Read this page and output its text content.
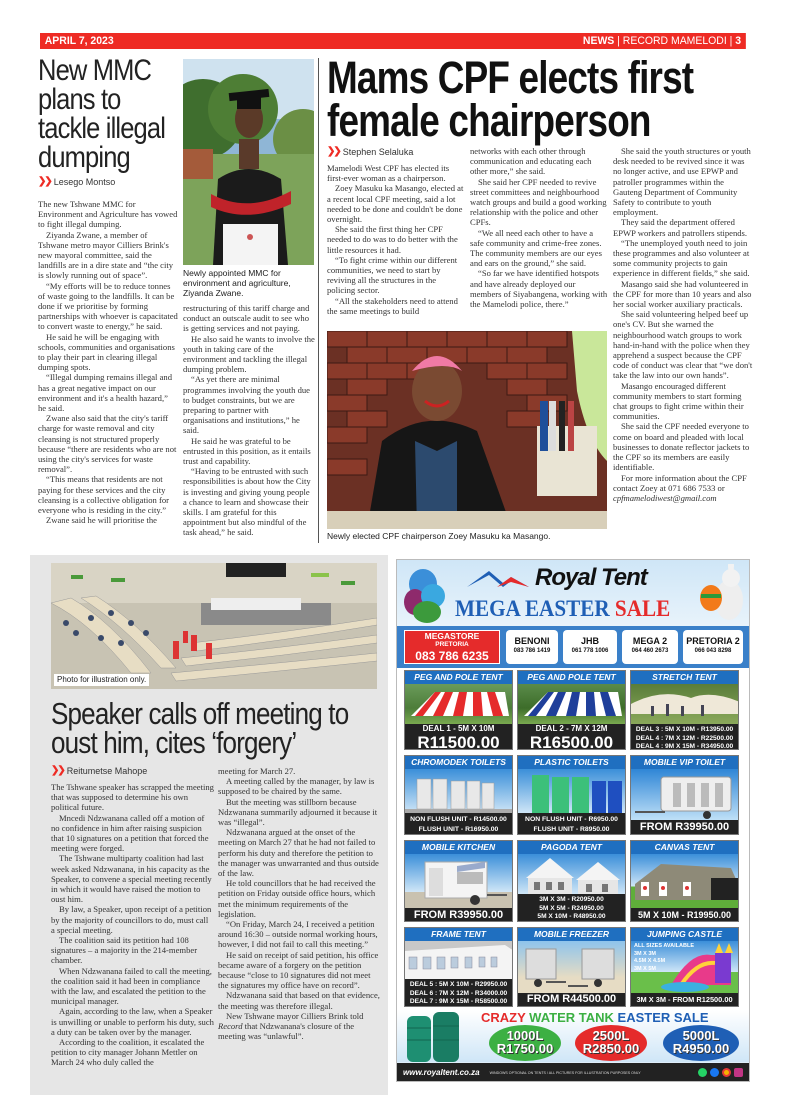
APRIL 7, 2023	NEWS | RECORD MAMELODI | 3
New MMC
plans to
tackle illegal
dumping
❯❯ Lesego Montso
Newly appointed MMC for environment and agriculture, Ziyanda Zwane.

The new Tshwane MMC for Environment and Agriculture has vowed to fight illegal dumping.

Ziyanda Zwane, a member of Tshwane metro mayor Cilliers Brink's new mayoral committee, said the landfills are in a dire state and “the city is slowly running out of space”.

“My efforts will be to reduce tonnes of waste going to the landfills. It can be done if we prioritise by forming partnerships with whoever is capacitated to convert waste to energy,” he said.

He said he will be engaging with schools, communities and organisations to play their part in clearing illegal dumping spots.

“Illegal dumping remains illegal and has a great negative impact on our environment and it's a health hazard,” he said.

Zwane also said that the city's tariff charge for waste removal and city cleansing is not structured properly because “there are residents who are not using the city's services for waste removal”.

“This means that residents are not paying for these services and the city cleansing is a collective obligation for everyone who is residing in the city.”

Zwane said he will prioritise the

restructuring of this tariff charge and conduct an outscale audit to see who is getting services and not paying.

He also said he wants to involve the youth in taking care of the environment and tackling the illegal dumping problem.

“As yet there are minimal programmes involving the youth due to budget constraints, but we are preparing to partner with organisations and institutions,” he said.

He said he was grateful to be entrusted in this position, as it entails trust and capability.

“Having to be entrusted with such responsibilities is about how the City is investing and giving young people a chance to learn and showcase their skills. I am grateful for this appointment but also mindful of the task ahead,” he said.

Mams CPF elects first
female chairperson
❯❯ Stephen Selaluka

Mamelodi West CPF has elected its first-ever woman as a chairperson.

Zoey Masuku ka Masango, elected at a recent local CPF meeting, said a lot needed to be done and couldn't be done overnight.

She said the first thing her CPF needed to do was to do better with the little resources it had.

“To fight crime within our different communities, we need to start by reviving all the structures in the policing sector.

“All the stakeholders need to attend the same meetings to build

networks with each other through communication and educating each other more,” she said.

She said her CPF needed to revive street committees and neighbourhood watch groups and build a good working relationship with the police and other CPFs.

“We all need each other to have a safe community and crime-free zones. The community members are our eyes and ears on the ground,” she said.

“So far we have identified hotspots and have already deployed our members of Siyabangena, working with the Mamelodi police, there.”

Newly elected CPF chairperson Zoey Masuku ka Masango.

She said the youth structures or youth desk needed to be revived since it was no longer active, and use EPWP and patroller programmes within the Gauteng Department of Community Safety to contribute to youth employment.

They said the department offered EPWP workers and patrollers stipends.

“The unemployed youth need to join these programmes and also volunteer at some community projects to gain experience in different fields,” she said.

Masango said she had volunteered in the CPF for more than 10 years and also her social worker auxiliary practicals.

She said volunteering helped beef up one's CV. But she warned the neighbourhood watch groups to work hand-in-hand with the police when they apprehend a suspect because the CPF code of conduct was clear that “we don't take the law into our own hands”.

Masango encouraged different community members to start forming chat groups to fight crime within their communities.

She said the CPF needed everyone to come on board and pleaded with local businesses to donate reflector jackets to the CPF so its members are easily identifiable.

For more information about the CPF contact Zoey at 071 686 7533 or cpfmamelodiwest@gmail.com

Photo for illustration only.
Speaker calls off meeting to
oust him, cites ‘forgery’
❯❯ Reitumetse Mahope

The Tshwane speaker has scrapped the meeting that was supposed to determine his own political future.

Mncedi Ndzwanana called off a motion of no confidence in him after raising suspicion that 10 signatures on a petition that forced the meeting were forged.

The Tshwane multiparty coalition had last week asked Ndzwanana, in his capacity as the Speaker, to convene a special meeting recently in which it would have raised the motion to oust him.

By law, a Speaker, upon receipt of a petition by the majority of councillors to do, must call a special meeting.

The coalition said its petition had 108 signatures – a majority in the 214-member chamber.

When Ndzwanana failed to call the meeting, the coalition said it had been in compliance with the law, and escalated the petition to the municipal manager.

Again, according to the law, when a Speaker is unwilling or unable to perform his duty, such a duty can be taken over by the manager.

According to the coalition, it escalated the petition to city manager Johann Mettler on March 24 who duly called the

meeting for March 27.

A meeting called by the manager, by law is supposed to be chaired by the same.

But the meeting was stillborn because Ndzwanana summarily adjourned it because it was “illegal”.

Ndzwanana argued at the onset of the meeting on March 27 that he had not failed to perform his duty and therefore the petition to the manager was unwarranted and thus outside of the law.

He told councillors that he had received the petition on Friday outside office hours, which met the minimum requirements of the legislation.

“On Friday, March 24, I received a petition around 16:30 – outside normal working hours, however, I did not fail to call this meeting.”

He said on receipt of said petition, his office became aware of a forgery on the petition because “close to 10 signatures did not meet the signatures my office have on record”.

Ndzwanana said that based on that evidence, the meeting was therefore illegal.

New Tshwane mayor Cilliers Brink told Record that Ndzwanana's closure of the meeting was “unlawful”.

Royal Tent
MEGA EASTER SALE
MEGASTORE
PRETORIA
083 786 6235
BENONI
083 786 1419
JHB
061 778 1006
MEGA 2
064 460 2673
PRETORIA 2
066 043 8298
PEG AND POLE TENT
DEAL 1 - 5M X 10M
R11500.00
PEG AND POLE TENT
DEAL 2 - 7M X 12M
R16500.00
STRETCH TENT
DEAL 3 : 5M X 10M - R13950.00
DEAL 4 : 7M X 12M - R22500.00
DEAL 4 : 9M X 15M - R34950.00
CHROMODEK TOILETS
NON FLUSH UNIT - R14500.00
FLUSH UNIT - R16950.00
PLASTIC TOILETS
NON FLUSH UNIT - R6950.00
FLUSH UNIT - R8950.00
MOBILE VIP TOILET
FROM R39950.00
MOBILE KITCHEN
FROM R39950.00
PAGODA TENT
3M X 3M - R20950.00
5M X 5M - R24950.00
5M X 10M - R48950.00
CANVAS TENT
5M X 10M - R19950.00
FRAME TENT
DEAL 5 : 5M X 10M - R29950.00
DEAL 6 : 7M X 12M - R34000.00
DEAL 7 : 9M X 15M - R58500.00
MOBILE FREEZER
FROM R44500.00
JUMPING CASTLE
ALL SIZES AVAILABLE
3M X 3M
4.5M X 4.5M
3M X 5M
3M X 3M - FROM R12500.00
CRAZY WATER TANK EASTER SALE
1000L
R1750.00
2500L
R2850.00
5000L
R4950.00
www.royaltent.co.za	WINDOWS OPTIONAL ON TENTS / ALL PICTURES FOR ILLUSTRATION PURPOSES ONLY
